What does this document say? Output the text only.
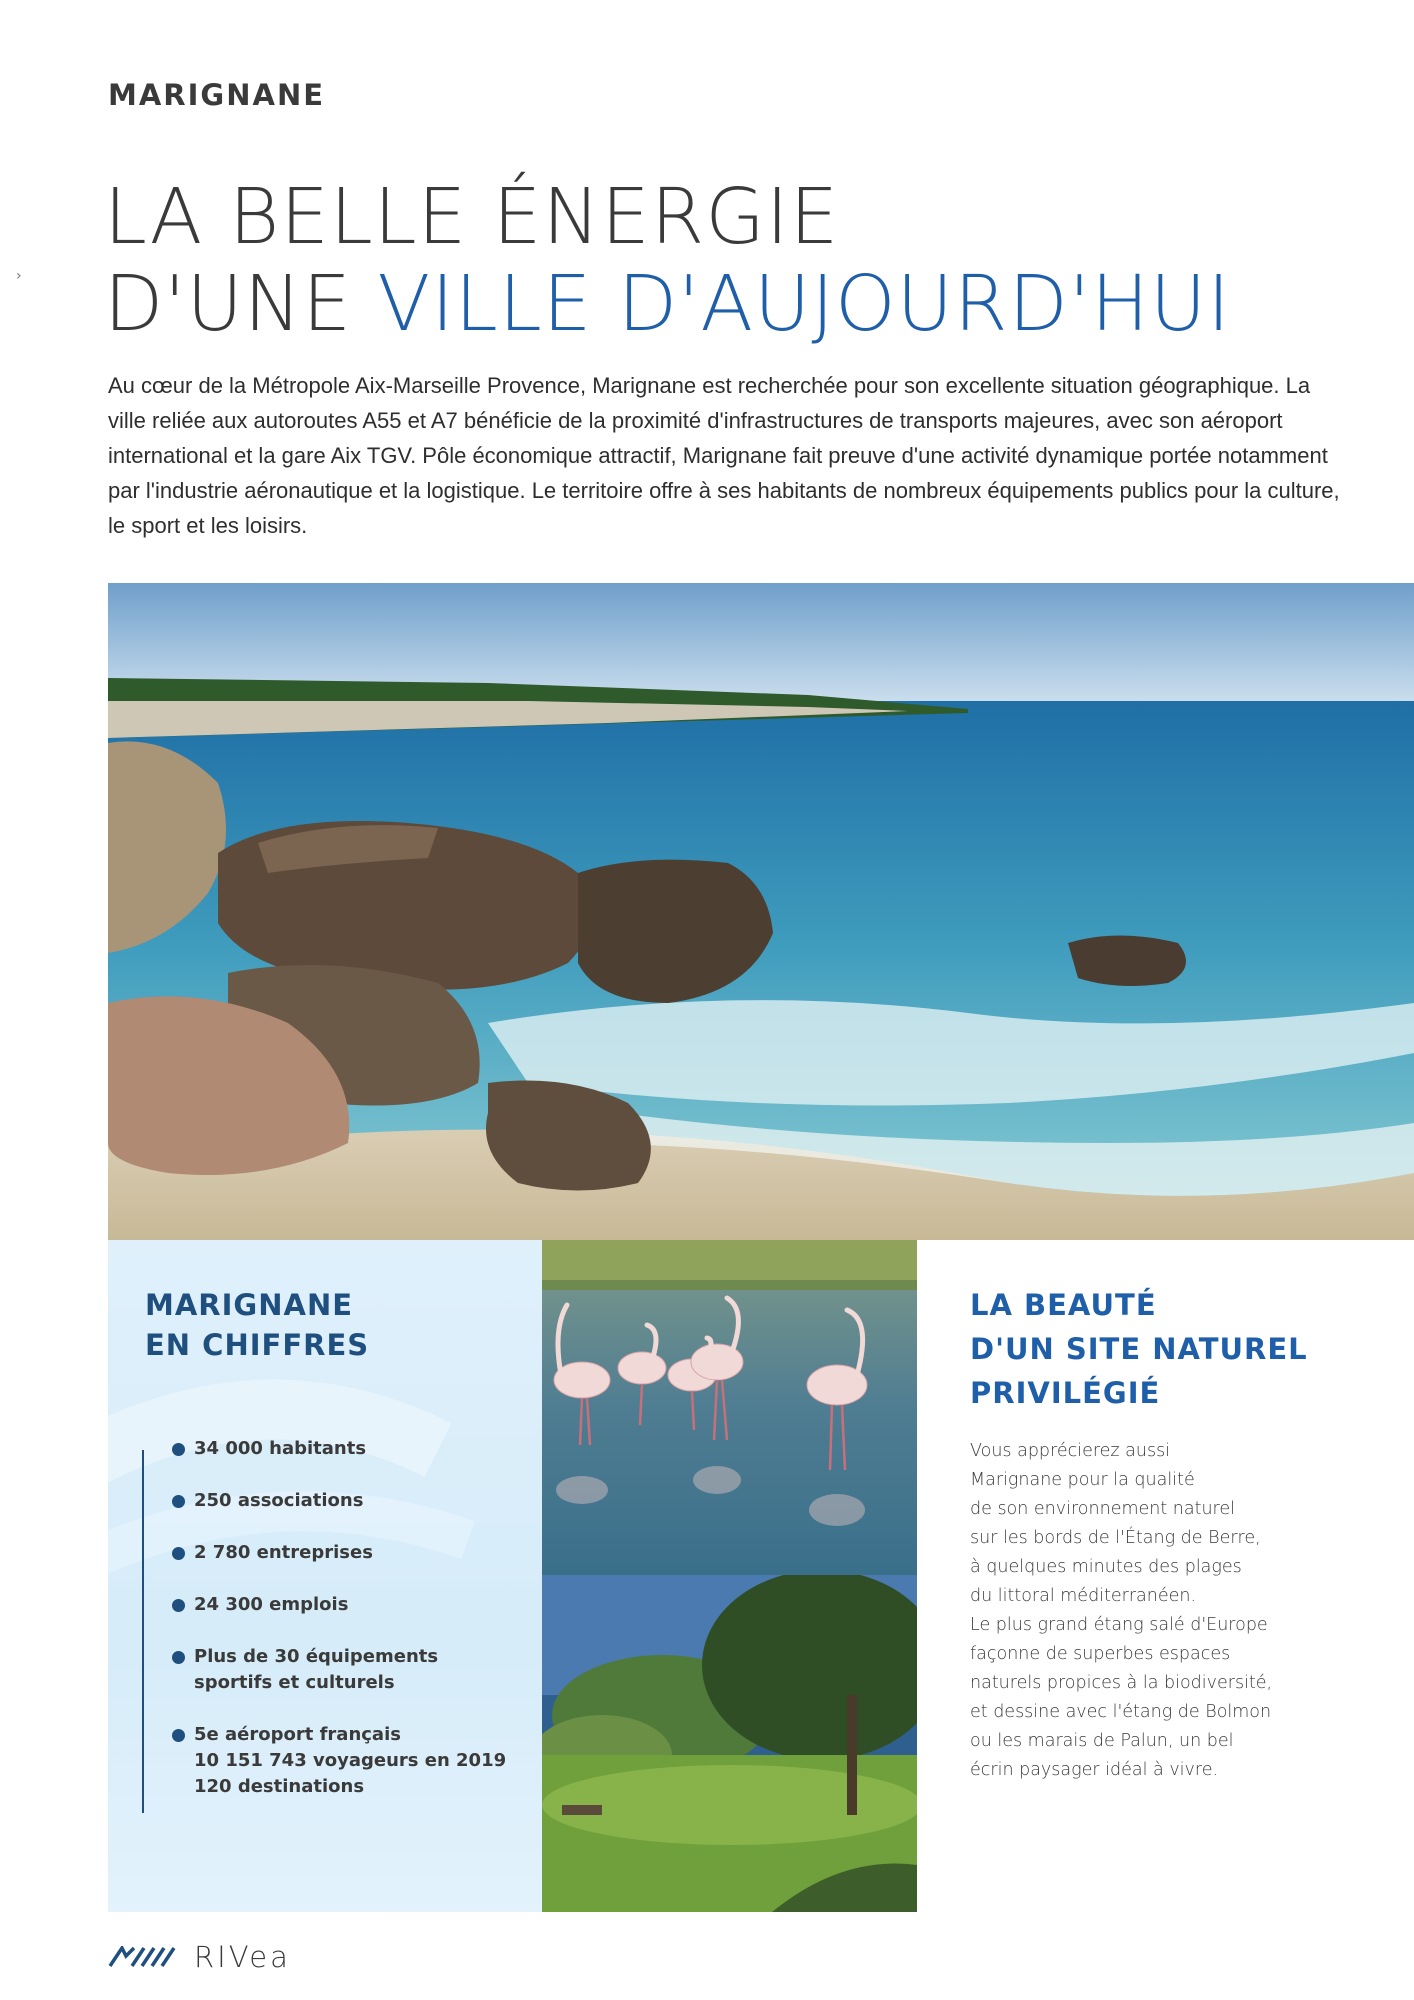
›
MARIGNANE
LA BELLE ÉNERGIE
D'UNE VILLE D'AUJOURD'HUI

Au cœur de la Métropole Aix-Marseille Provence, Marignane est recherchée pour son excellente situation géographique. La ville reliée aux autoroutes A55 et A7 bénéficie de la proximité d'infrastructures de transports majeures, avec son aéroport international et la gare Aix TGV. Pôle économique attractif, Marignane fait preuve d'une activité dynamique portée notamment par l'industrie aéronautique et la logistique. Le territoire offre à ses habitants de nombreux équipements publics pour la culture, le sport et les loisirs.

MARIGNANE
EN CHIFFRES
34 000 habitants
250 associations
2 780 entreprises
24 300 emplois
Plus de 30 équipements
sportifs et culturels
5e aéroport français
10 151 743 voyageurs en 2019
120 destinations
LA BEAUTÉ
D'UN SITE NATUREL
PRIVILÉGIÉ

Vous apprécierez aussi
Marignane pour la qualité
de son environnement naturel
sur les bords de l'Étang de Berre,
à quelques minutes des plages
du littoral méditerranéen.
Le plus grand étang salé d'Europe
façonne de superbes espaces
naturels propices à la biodiversité,
et dessine avec l'étang de Bolmon
ou les marais de Palun, un bel
écrin paysager idéal à vivre.

RIVea
